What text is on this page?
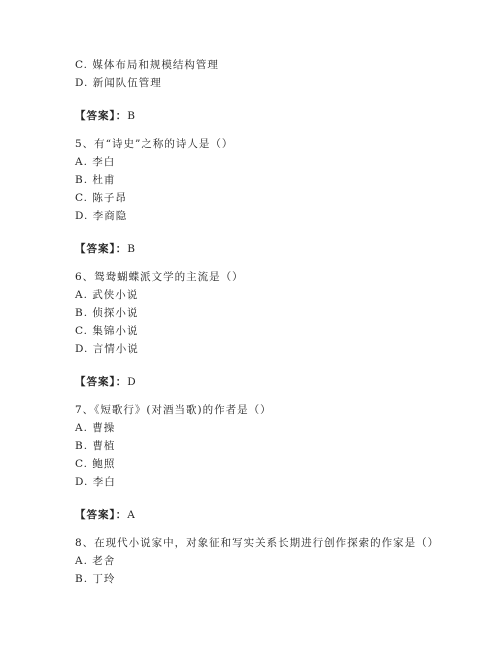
C. 媒体布局和规模结构管理
D. 新闻队伍管理
【答案】：B
5、有“诗史”之称的诗人是（）
A. 李白
B. 杜甫
C. 陈子昂
D. 李商隐
【答案】：B
6、鸳鸯蝴蝶派文学的主流是（）
A. 武侠小说
B. 侦探小说
C. 集锦小说
D. 言情小说
【答案】：D
7、《短歌行》(对酒当歌)的作者是（）
A. 曹操
B. 曹植
C. 鲍照
D. 李白
【答案】：A
8、在现代小说家中，对象征和写实关系长期进行创作探索的作家是（）
A. 老舍
B. 丁玲
